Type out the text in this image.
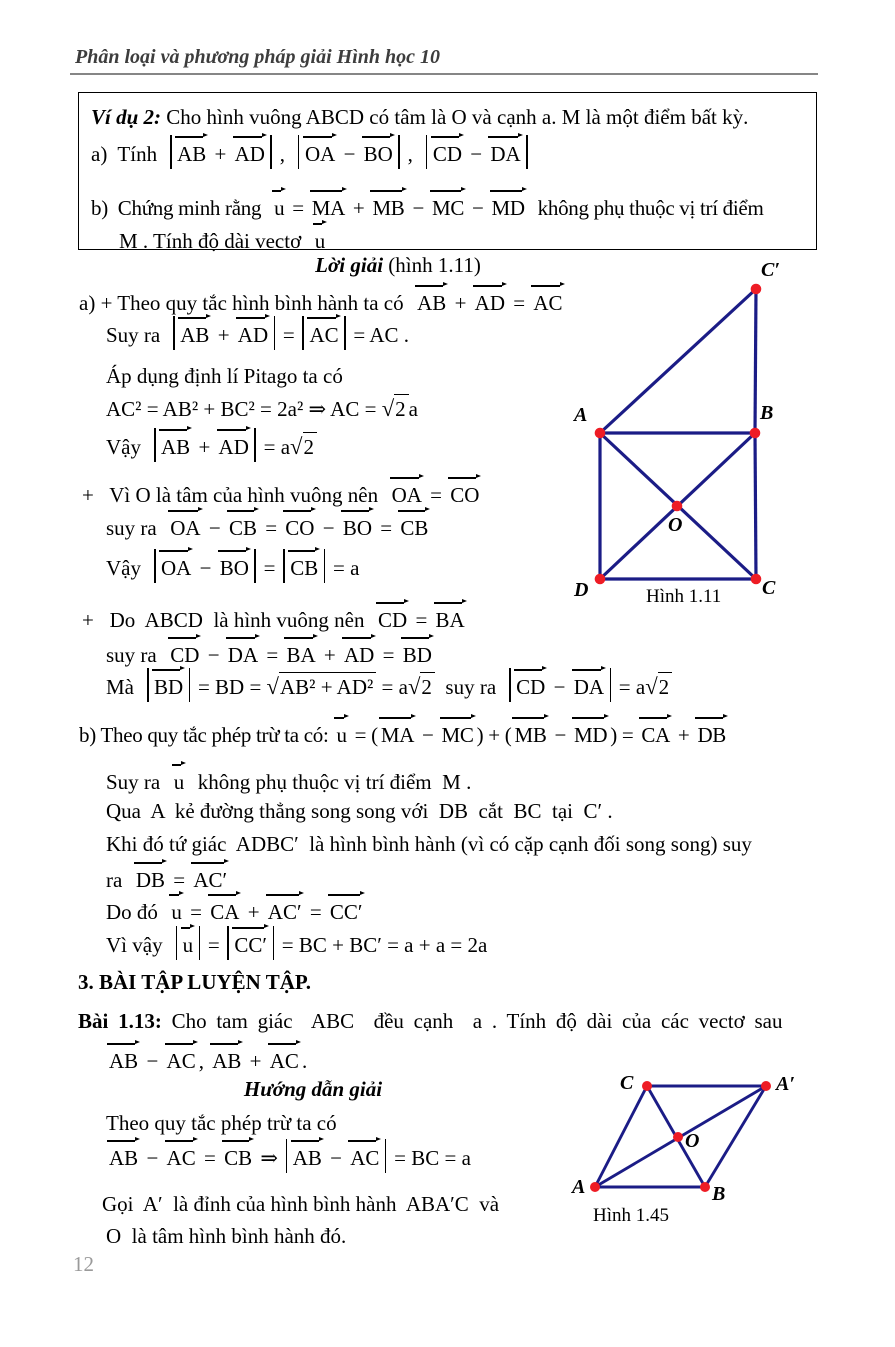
Phân loại và phương pháp giải Hình học 10
Ví dụ 2: Cho hình vuông ABCD có tâm là O và cạnh a. M là một điểm bất kỳ.
a)  Tính  AB + AD ,  OA − BO ,  CD − DA
b)  Chứng minh rằng  u = MA + MB − MC − MD  không phụ thuộc vị trí điểm
M . Tính độ dài vectơ  u
Lời giải (hình 1.11)
a) + Theo quy tắc hình bình hành ta có  AB + AD = AC
Suy ra  AB + AD = AC = AC .
Áp dụng định lí Pitago ta có
AC² = AB² + BC² = 2a² ⇒ AC = √2 a
Vậy  AB + AD = a√2
+   Vì O là tâm của hình vuông nên  OA = CO
suy ra  OA − CB = CO − BO = CB
Vậy  OA − BO = CB = a
+   Do  ABCD  là hình vuông nên  CD = BA
suy ra  CD − DA = BA + AD = BD
Mà  BD = BD = √AB² + AD² = a√2  suy ra  CD − DA = a√2
b) Theo quy tắc phép trừ ta có: u = ( MA − MC ) + ( MB − MD ) = CA + DB
Suy ra  u  không phụ thuộc vị trí điểm  M .
Qua  A  kẻ đường thẳng song song với  DB  cắt  BC  tại  C′ .
Khi đó tứ giác  ADBC′  là hình bình hành (vì có cặp cạnh đối song song) suy
ra  DB = AC′
Do đó  u = CA + AC′ = CC′
Vì vậy  u = CC′ = BC + BC′ = a + a = 2a
3. BÀI TẬP LUYỆN TẬP.
Bài 1.13: Cho tam giác  ABC  đều cạnh  a . Tính độ dài của các vectơ sau
AB − AC , AB + AC .
Hướng dẫn giải
Theo quy tắc phép trừ ta có
AB − AC = CB ⇒ AB − AC = BC = a
Gọi  A′  là đỉnh của hình bình hành  ABA′C  và
O  là tâm hình bình hành đó.
C′
A	B
O
D	C
Hình 1.11
C	A′
O
A	B
Hình 1.45
12
